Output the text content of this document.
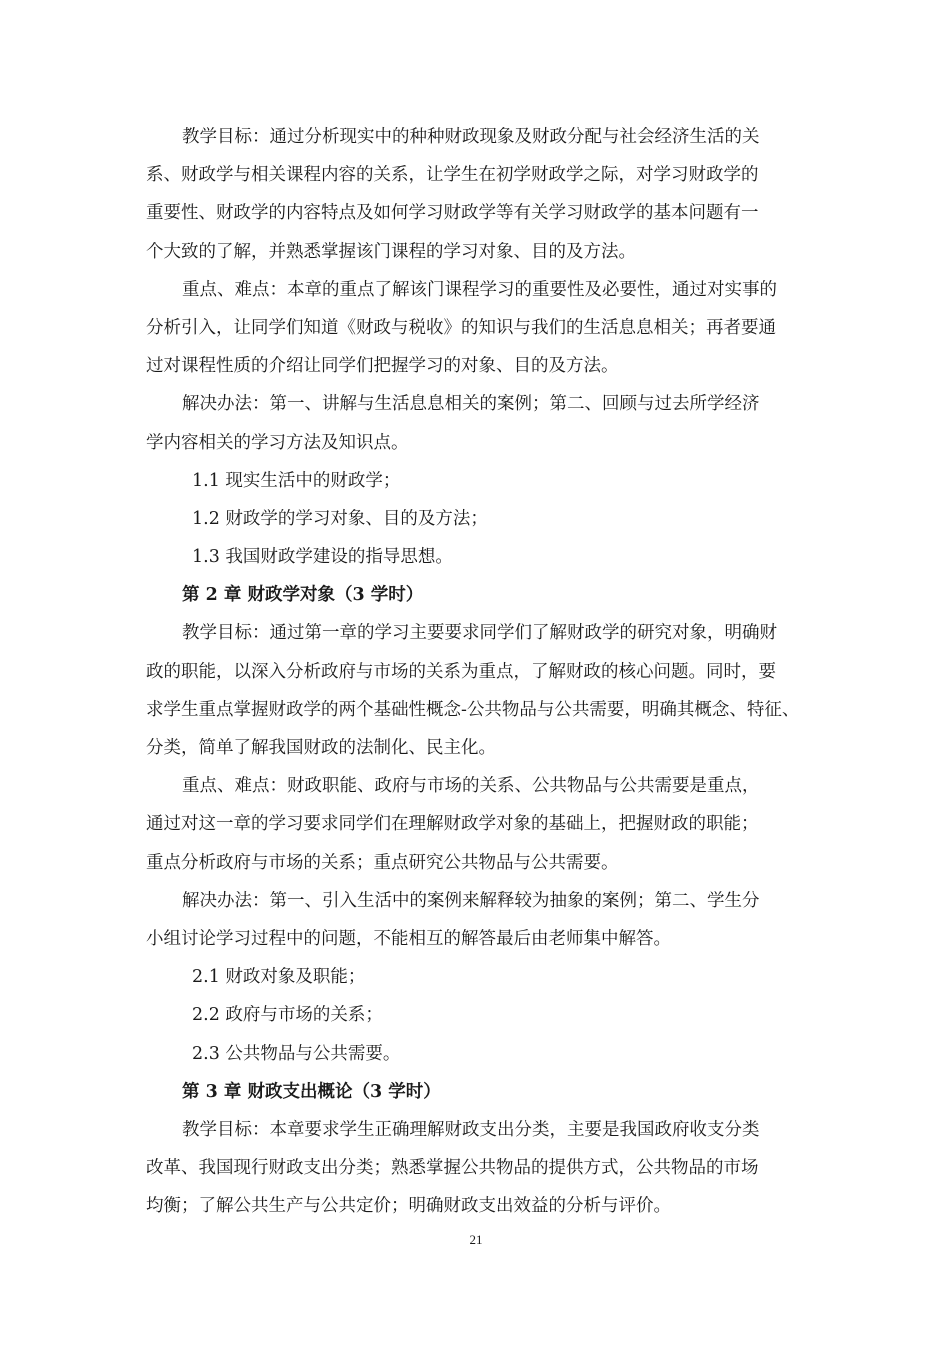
教学目标：通过分析现实中的种种财政现象及财政分配与社会经济生活的关
系、财政学与相关课程内容的关系，让学生在初学财政学之际，对学习财政学的
重要性、财政学的内容特点及如何学习财政学等有关学习财政学的基本问题有一
个大致的了解，并熟悉掌握该门课程的学习对象、目的及方法。
重点、难点：本章的重点了解该门课程学习的重要性及必要性，通过对实事的
分析引入，让同学们知道《财政与税收》的知识与我们的生活息息相关；再者要通
过对课程性质的介绍让同学们把握学习的对象、目的及方法。
解决办法：第一、讲解与生活息息相关的案例；第二、回顾与过去所学经济
学内容相关的学习方法及知识点。
1.1 现实生活中的财政学；
1.2 财政学的学习对象、目的及方法；
1.3 我国财政学建设的指导思想。
第 2 章 财政学对象（3 学时）
教学目标：通过第一章的学习主要要求同学们了解财政学的研究对象，明确财
政的职能，以深入分析政府与市场的关系为重点，了解财政的核心问题。同时，要
求学生重点掌握财政学的两个基础性概念-公共物品与公共需要，明确其概念、特征、
分类，简单了解我国财政的法制化、民主化。
重点、难点：财政职能、政府与市场的关系、公共物品与公共需要是重点，
通过对这一章的学习要求同学们在理解财政学对象的基础上，把握财政的职能；
重点分析政府与市场的关系；重点研究公共物品与公共需要。
解决办法：第一、引入生活中的案例来解释较为抽象的案例；第二、学生分
小组讨论学习过程中的问题，不能相互的解答最后由老师集中解答。
2.1 财政对象及职能；
2.2 政府与市场的关系；
2.3 公共物品与公共需要。
第 3 章 财政支出概论（3 学时）
教学目标：本章要求学生正确理解财政支出分类，主要是我国政府收支分类
改革、我国现行财政支出分类；熟悉掌握公共物品的提供方式，公共物品的市场
均衡；了解公共生产与公共定价；明确财政支出效益的分析与评价。
21
